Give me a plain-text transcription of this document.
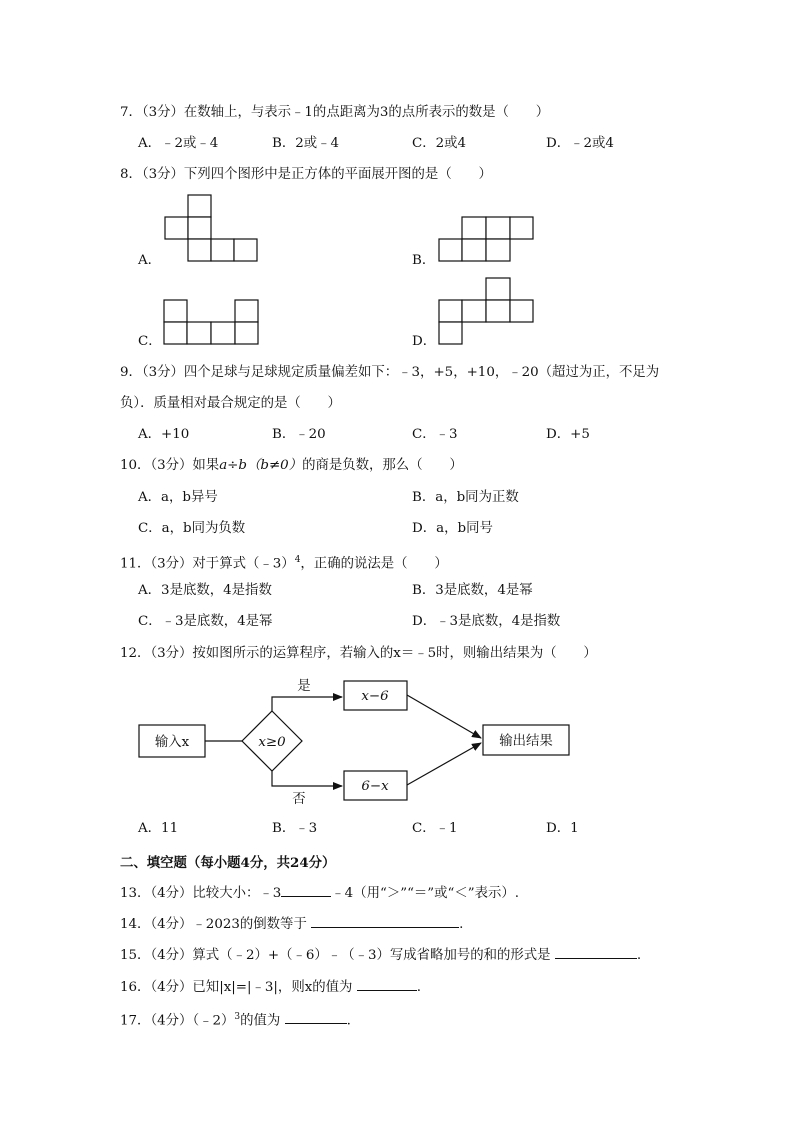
7．（3分）在数轴上，与表示﹣1的点距离为3的点所表示的数是（　　）
A．﹣2或﹣4	B．2或﹣4	C．2或4	D．﹣2或4
8．（3分）下列四个图形中是正方体的平面展开图的是（　　）
A．	B．
C．	D．
9．（3分）四个足球与足球规定质量偏差如下：﹣3，+5，+10，﹣20（超过为正，不足为
负）．质量相对最合规定的是（　　）
A．+10	B．﹣20	C．﹣3	D．+5
10．（3分）如果a÷b（b≠0）的商是负数，那么（　　）
A．a，b异号	B．a，b同为正数
C．a，b同为负数	D．a，b同号
11．（3分）对于算式（﹣3）$^4$，正确的说法是（　　）
A．3是底数，4是指数	B．3是底数，4是幂
C．﹣3是底数，4是幂	D．﹣3是底数，4是指数
12．（3分）按如图所示的运算程序，若输入的x＝﹣5时，则输出结果为（　　）
输入x	x≥0
是
否
x−6
6−x
输出结果
A．11	B．﹣3	C．﹣1	D．1
二、填空题（每小题4分，共24分）
13．（4分）比较大小：﹣3	﹣4（用“＞”“＝”或“＜”表示）.
14．（4分）﹣2023的倒数等于	.
15．（4分）算式（﹣2）+（﹣6）﹣（﹣3）写成省略加号的和的形式是	.
16．（4分）已知|x|=|﹣3|，则x的值为	.
17．（4分）（﹣2）$^3$的值为	.
